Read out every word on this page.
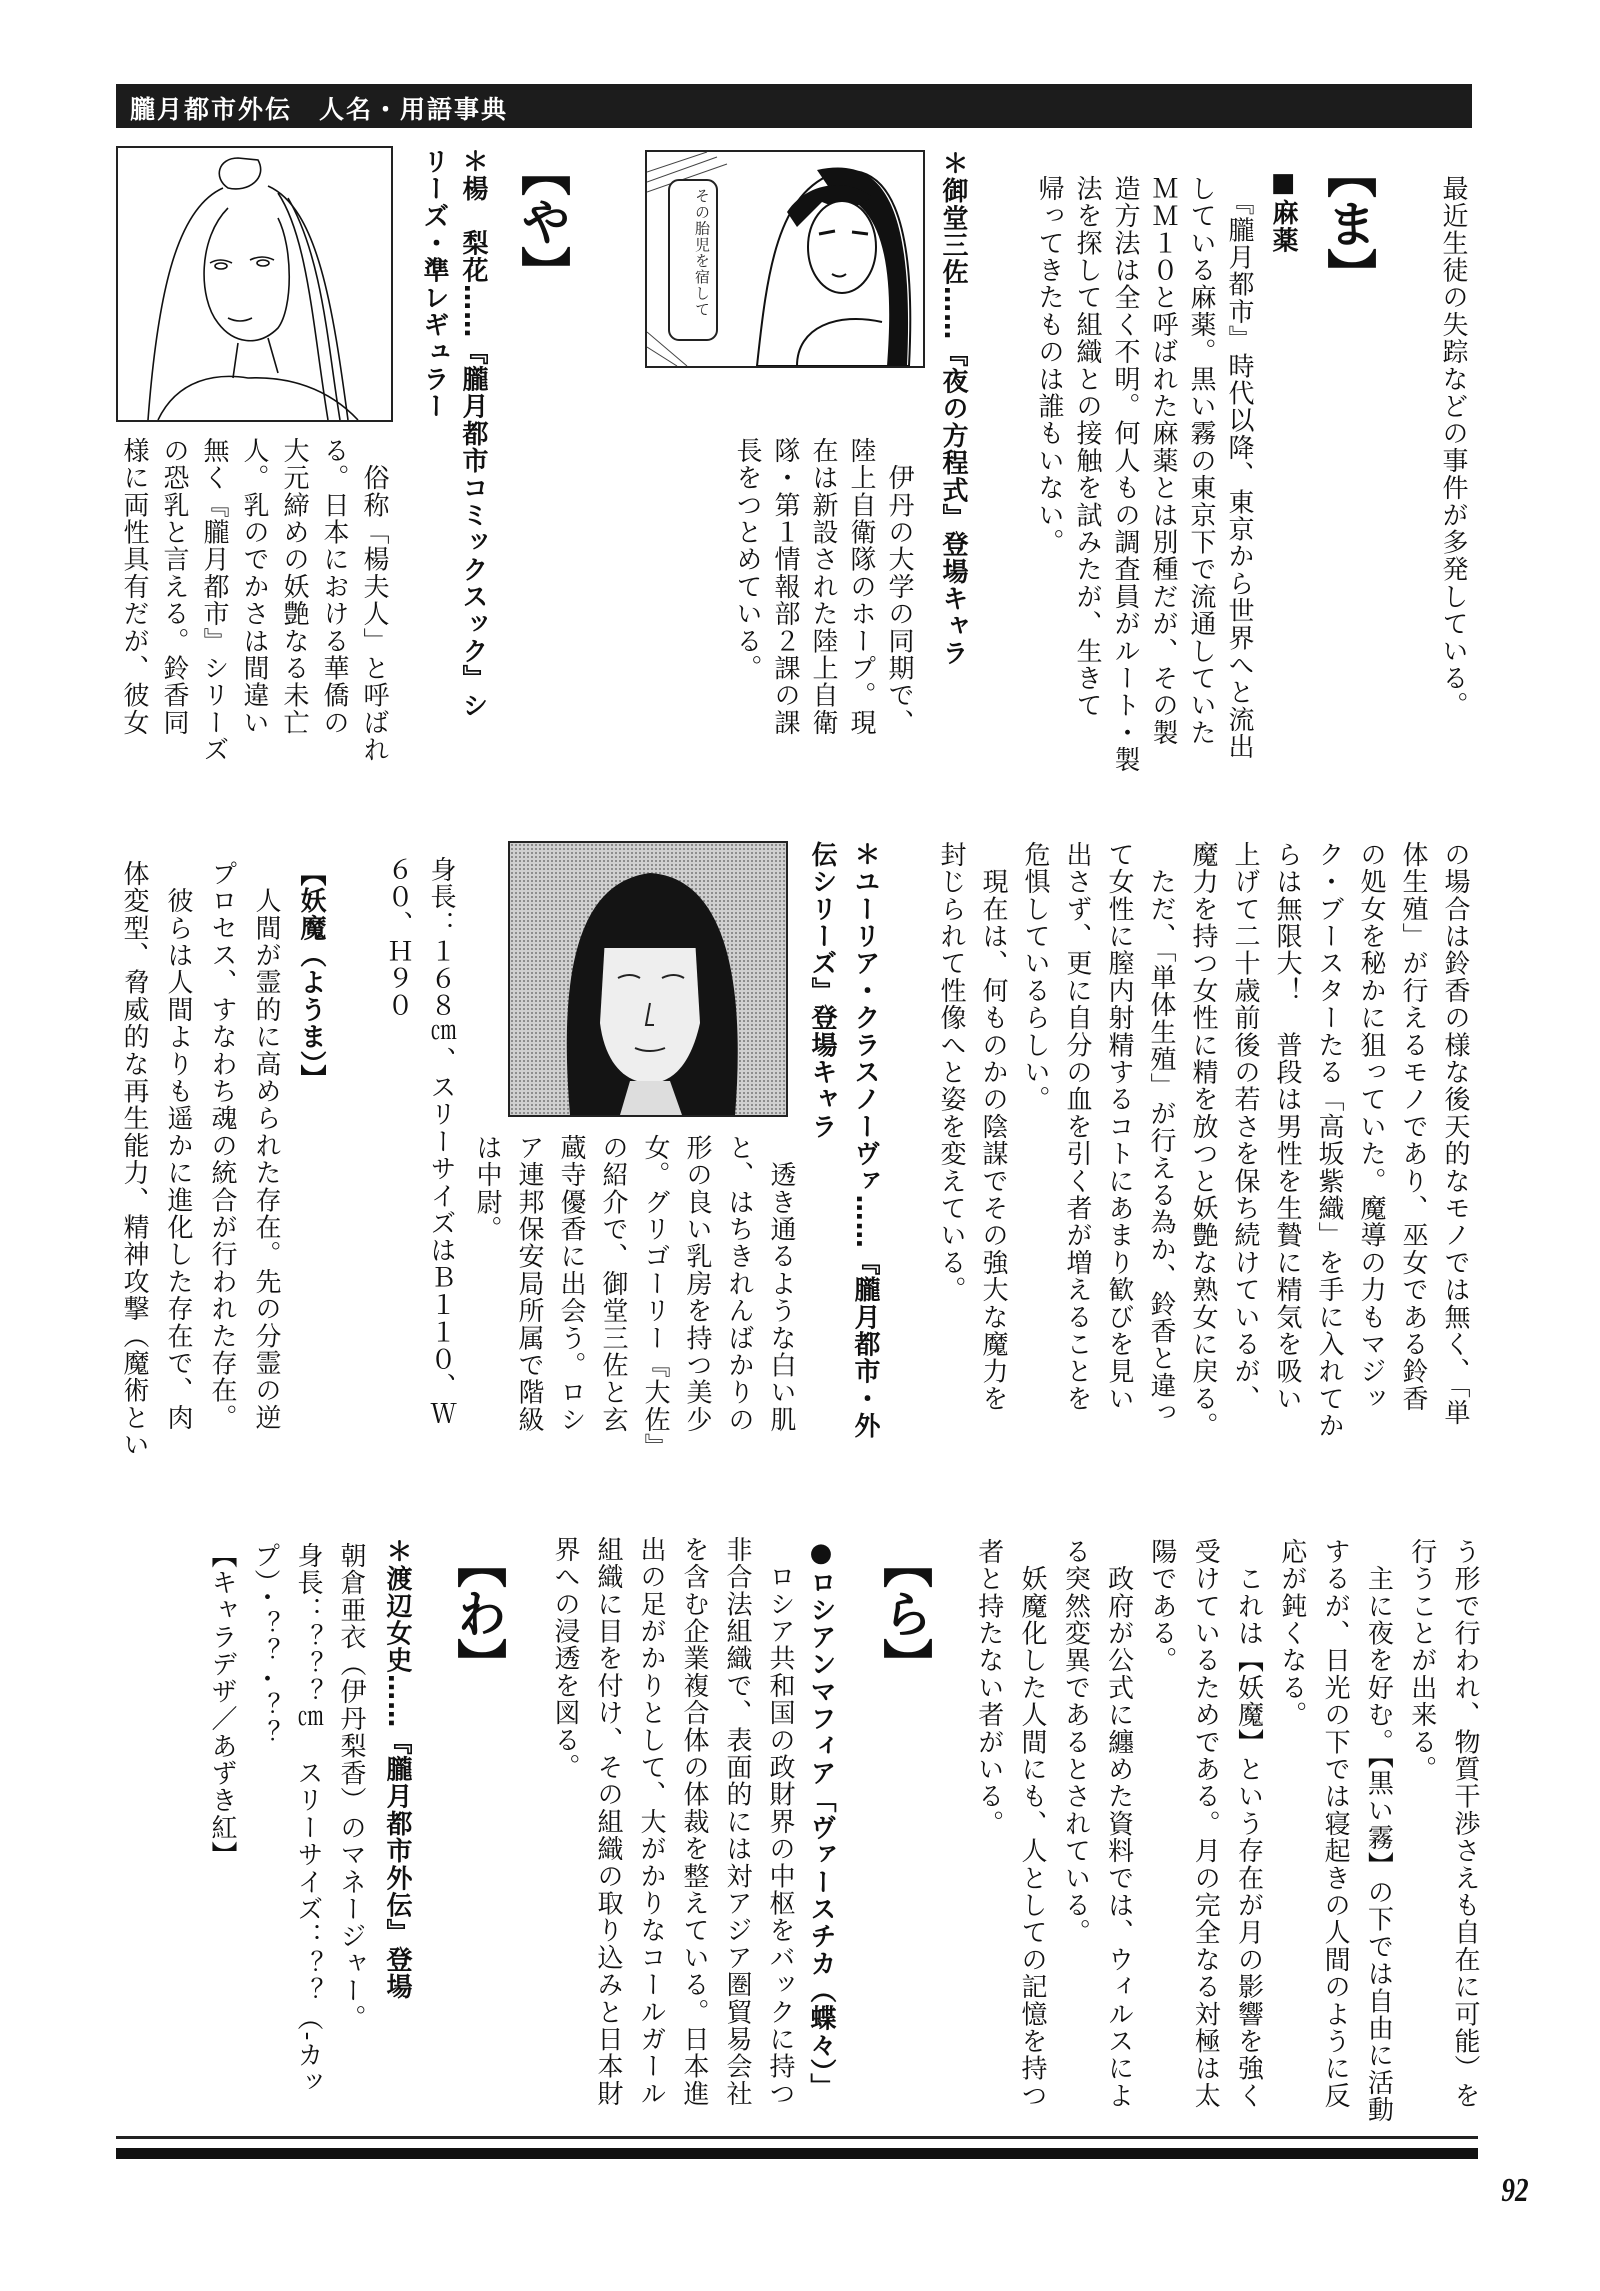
朧月都市外伝　人名・用語事典
最近生徒の失踪などの事件が多発している。
【ま】
■麻薬
　『朧月都市』時代以降、東京から世界へと流出
している麻薬。黒い霧の東京下で流通していた
ＭＭ１０と呼ばれた麻薬とは別種だが、その製
造方法は全く不明。何人もの調査員がルート・製
法を探して組織との接触を試みたが、生きて
帰ってきたものは誰もいない。
＊御堂三佐……『夜の方程式』登場キャラ
その胎児を宿して
　伊丹の大学の同期で、
陸上自衛隊のホープ。現
在は新設された陸上自衛
隊・第１情報部２課の課
長をつとめている。
【や】
＊楊　梨花……『朧月都市コミックスック』シ
リーズ・準レギュラー
　俗称「楊夫人」と呼ばれ
る。日本における華僑の
大元締めの妖艶なる未亡
人。乳のでかさは間違い
無く『朧月都市』シリーズ
の恐乳と言える。鈴香同
様に両性具有だが、彼女
の場合は鈴香の様な後天的なモノでは無く、「単
体生殖」が行えるモノであり、巫女である鈴香
の処女を秘かに狙っていた。魔導の力もマジッ
ク・ブースターたる「高坂紫織」を手に入れてか
らは無限大！　普段は男性を生贄に精気を吸い
上げて二十歳前後の若さを保ち続けているが、
魔力を持つ女性に精を放つと妖艶な熟女に戻る。
　ただ、「単体生殖」が行える為か、鈴香と違っ
て女性に膣内射精するコトにあまり歓びを見い
出さず、更に自分の血を引く者が増えることを
危惧しているらしい。
　現在は、何ものかの陰謀でその強大な魔力を
封じられて性像へと姿を変えている。
＊ユーリア・クラスノーヴァ……『朧月都市・外
伝シリーズ』登場キャラ
　透き通るような白い肌
と、はちきれんばかりの
形の良い乳房を持つ美少
女。グリゴーリー『大佐』
の紹介で、御堂三佐と玄
蔵寺優香に出会う。ロシ
ア連邦保安局所属で階級
は中尉。
身長：１６８㎝、スリーサイズはＢ１１０、Ｗ
６０、Ｈ９０
【妖魔（ようま）】
　人間が霊的に高められた存在。先の分霊の逆
プロセス、すなわち魂の統合が行われた存在。
　彼らは人間よりも遥かに進化した存在で、肉
体変型、脅威的な再生能力、精神攻撃（魔術とい
う形で行われ、物質干渉さえも自在に可能）を
行うことが出来る。
　主に夜を好む。【黒い霧】の下では自由に活動
するが、日光の下では寝起きの人間のように反
応が鈍くなる。
　これは【妖魔】という存在が月の影響を強く
受けているためである。月の完全なる対極は太
陽である。
　政府が公式に纏めた資料では、ウィルスによ
る突然変異であるとされている。
　妖魔化した人間にも、人としての記憶を持つ
者と持たない者がいる。
【ら】
●ロシアンマフィア「ヴァースチカ（蝶々）」
　ロシア共和国の政財界の中枢をバックに持つ
非合法組織で、表面的には対アジア圏貿易会社
を含む企業複合体の体裁を整えている。日本進
出の足がかりとして、大がかりなコールガール
組織に目を付け、その組織の取り込みと日本財
界への浸透を図る。
【わ】
＊渡辺女史……『朧月都市外伝』登場
朝倉亜衣（伊丹梨香）のマネージャー。
身長：？？？㎝　スリーサイズ：？？（‐カッ
プ）・？？・？？
【キャラデザ／あずき紅】
92
